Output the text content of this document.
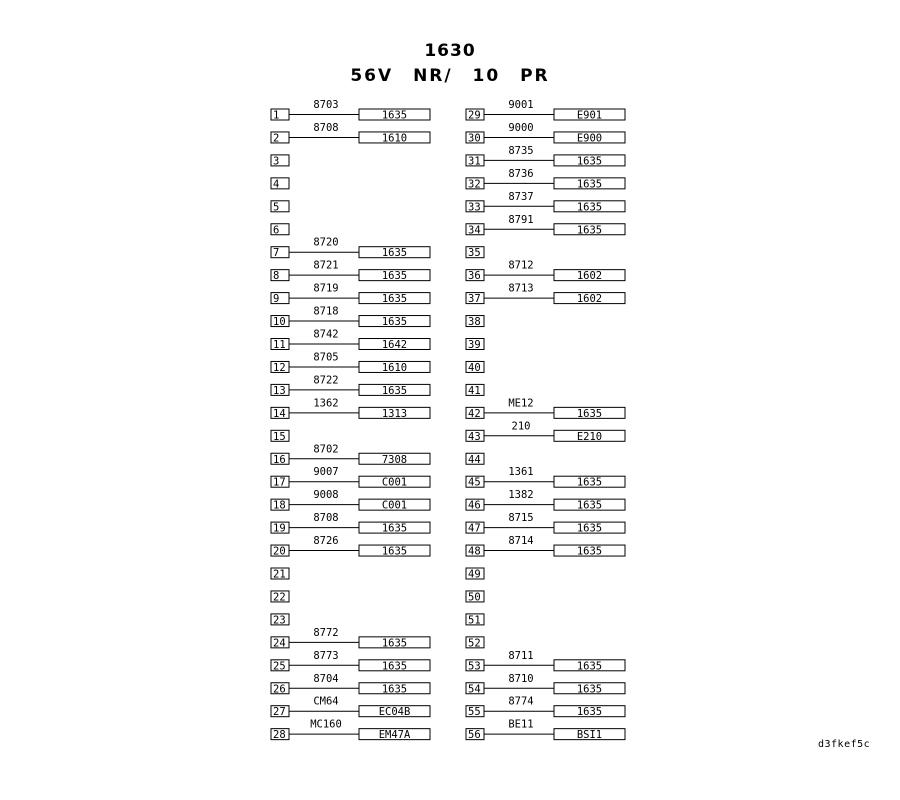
1630
56V NR/ 10 PR
1
8703
1635
2
8708
1610
3
4
5
6
7
8720
1635
8
8721
1635
9
8719
1635
10
8718
1635
11
8742
1642
12
8705
1610
13
8722
1635
14
1362
1313
15
16
8702
7308
17
9007
C001
18
9008
C001
19
8708
1635
20
8726
1635
21
22
23
24
8772
1635
25
8773
1635
26
8704
1635
27
CM64
EC04B
28
MC160
EM47A
29
9001
E901
30
9000
E900
31
8735
1635
32
8736
1635
33
8737
1635
34
8791
1635
35
36
8712
1602
37
8713
1602
38
39
40
41
42
ME12
1635
43
210
E210
44
45
1361
1635
46
1382
1635
47
8715
1635
48
8714
1635
49
50
51
52
53
8711
1635
54
8710
1635
55
8774
1635
56
BE11
BSI1
d3fkef5c
